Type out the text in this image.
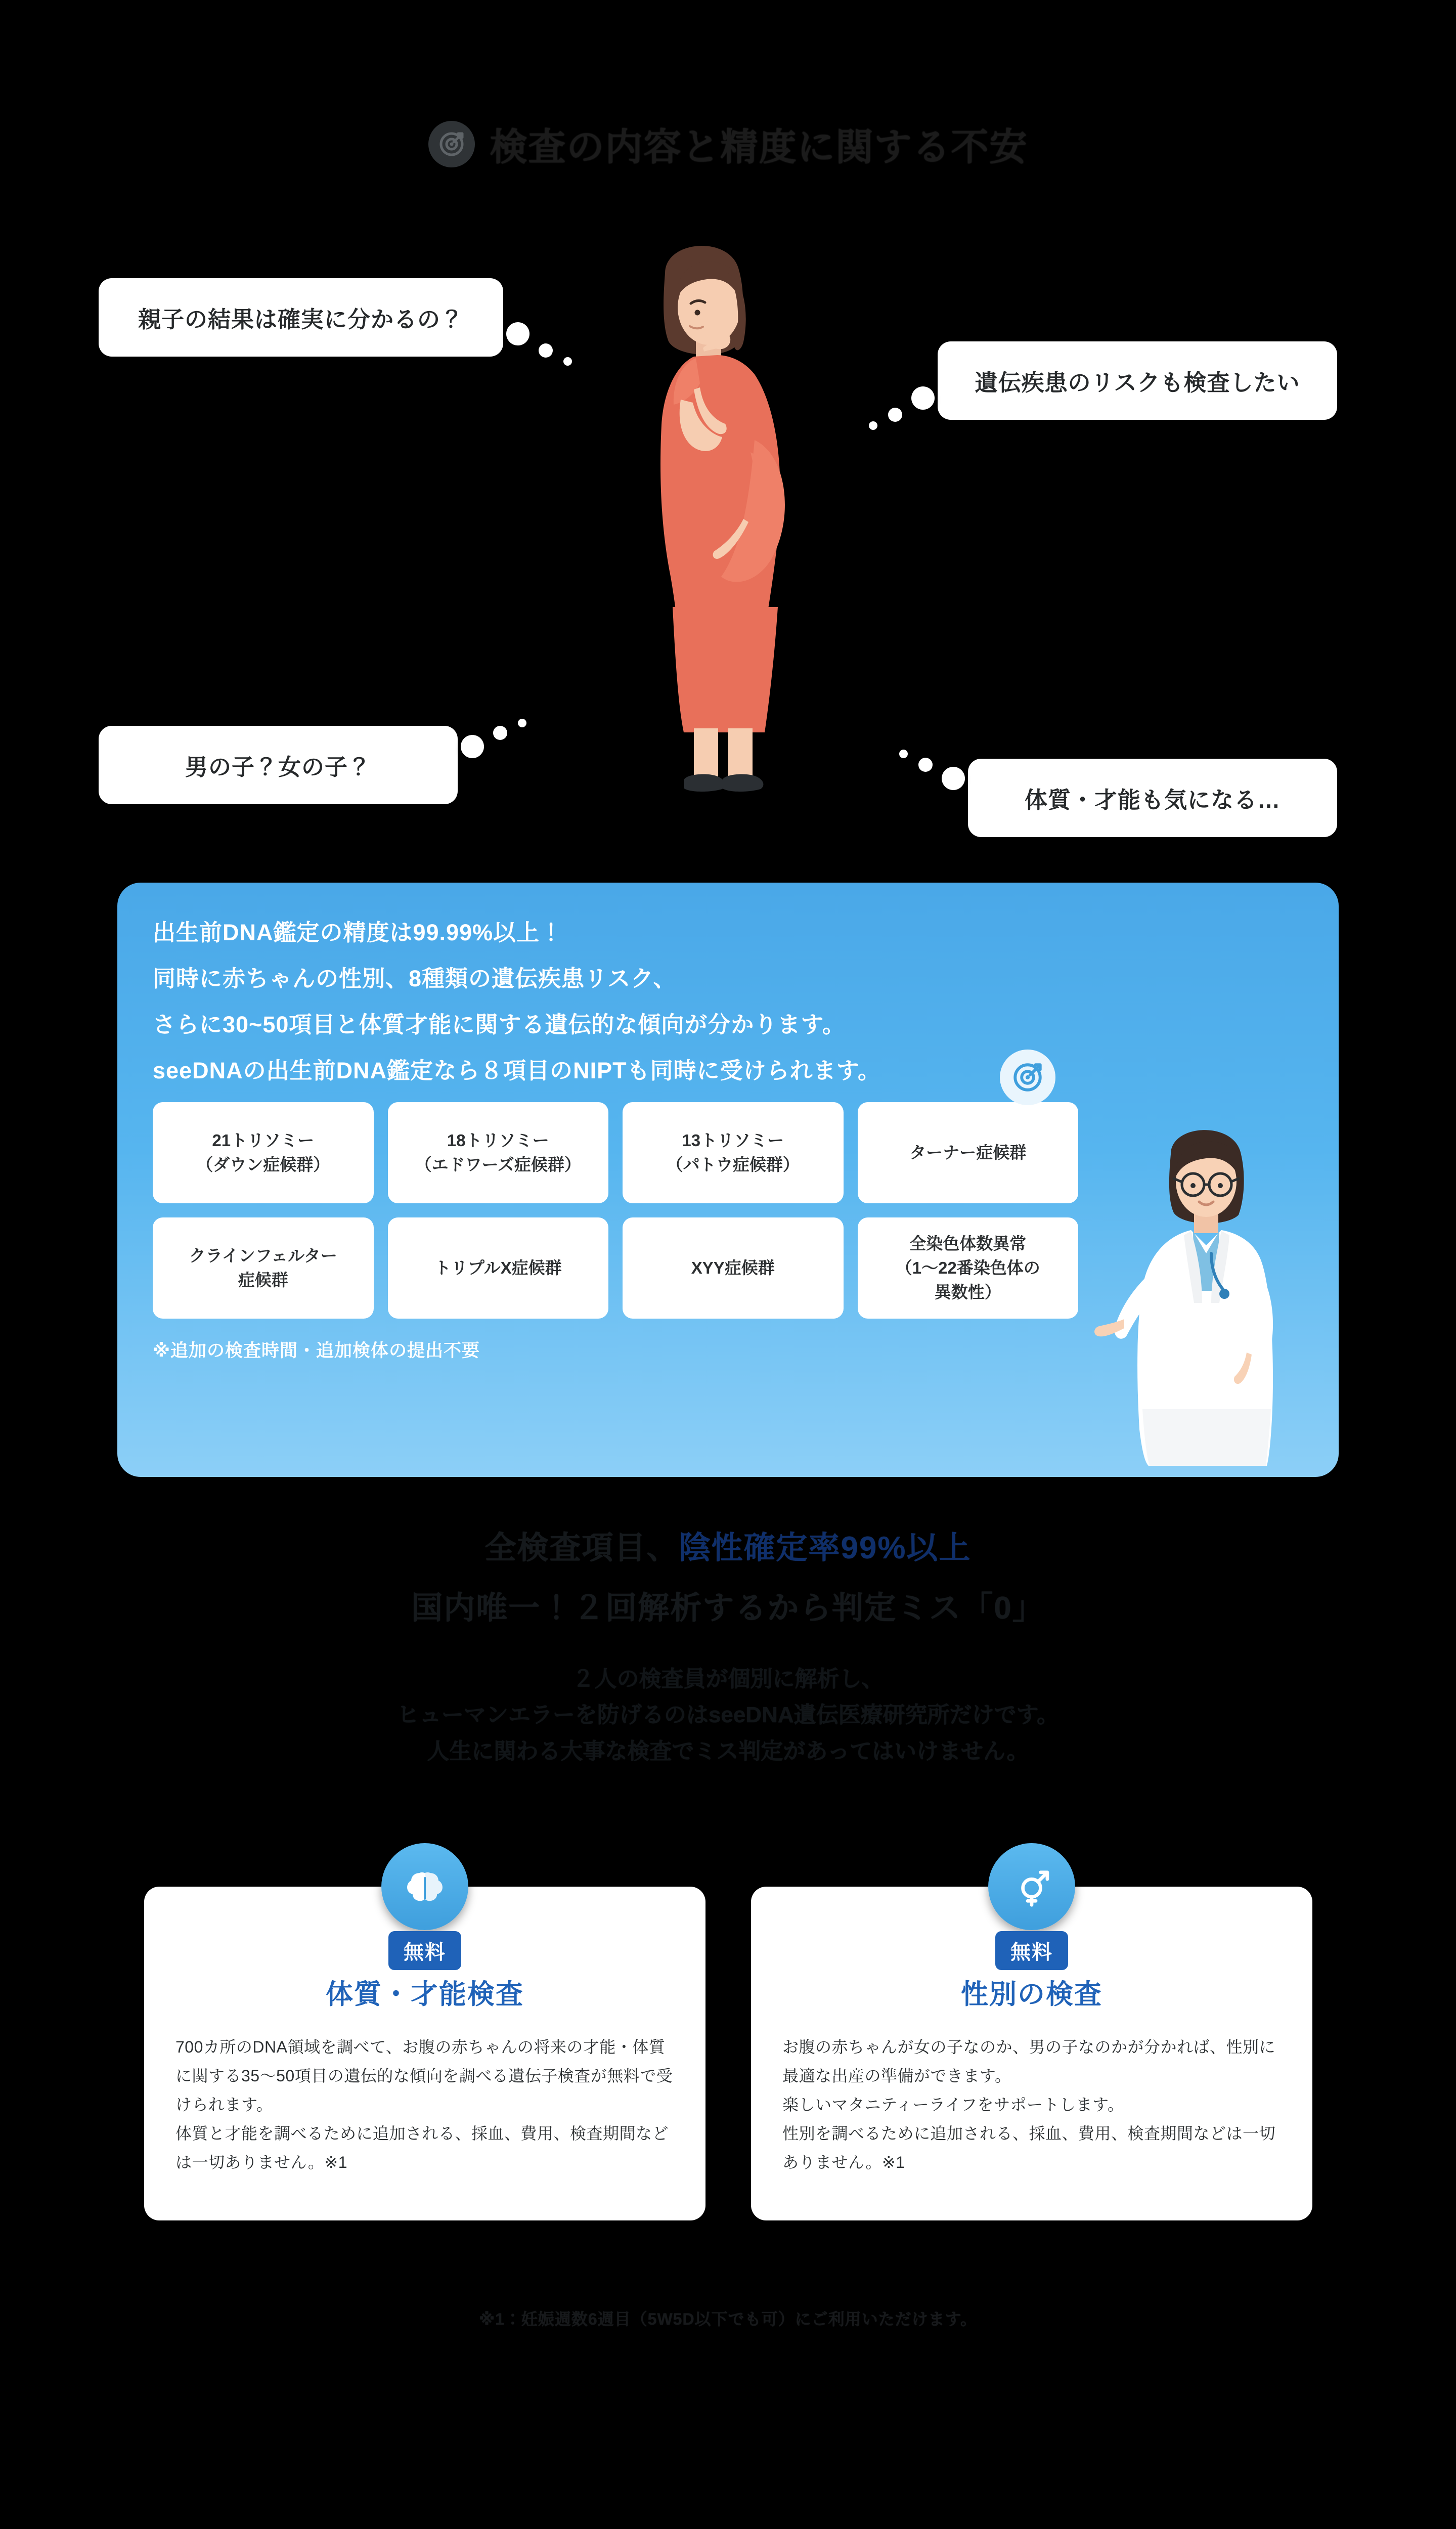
検査の内容と精度に関する不安
親子の結果は確実に分かるの？
男の子？女の子？
遺伝疾患のリスクも検査したい
体質・才能も気になる…

出生前DNA鑑定の精度は99.99%以上！

同時に赤ちゃんの性別、8種類の遺伝疾患リスク、

さらに30~50項目と体質才能に関する遺伝的な傾向が分かります。

seeDNAの出生前DNA鑑定なら８項目のNIPTも同時に受けられます。

21トリソミー
（ダウン症候群）
18トリソミー
（エドワーズ症候群）
13トリソミー
（パトウ症候群）
ターナー症候群
クラインフェルター
症候群
トリプルX症候群	XYY症候群
全染色体数異常
（1～22番染色体の
異数性）
※追加の検査時間・追加検体の提出不要
全検査項目、陰性確定率99%以上
国内唯一！２回解析するから判定ミス「0」
２人の検査員が個別に解析し、
ヒューマンエラーを防げるのはseeDNA遺伝医療研究所だけです。
人生に関わる大事な検査でミス判定があってはいけません。
無料
体質・才能検査

700カ所のDNA領域を調べて、お腹の赤ちゃんの将来の才能・体質に関する35〜50項目の遺伝的な傾向を調べる遺伝子検査が無料で受けられます。
体質と才能を調べるために追加される、採血、費用、検査期間などは一切ありません。※1

無料
性別の検査

お腹の赤ちゃんが女の子なのか、男の子なのかが分かれば、性別に最適な出産の準備ができます。
楽しいマタニティーライフをサポートします。
性別を調べるために追加される、採血、費用、検査期間などは一切ありません。※1

※1：妊娠週数6週目（5W5D以下でも可）にご利用いただけます。
